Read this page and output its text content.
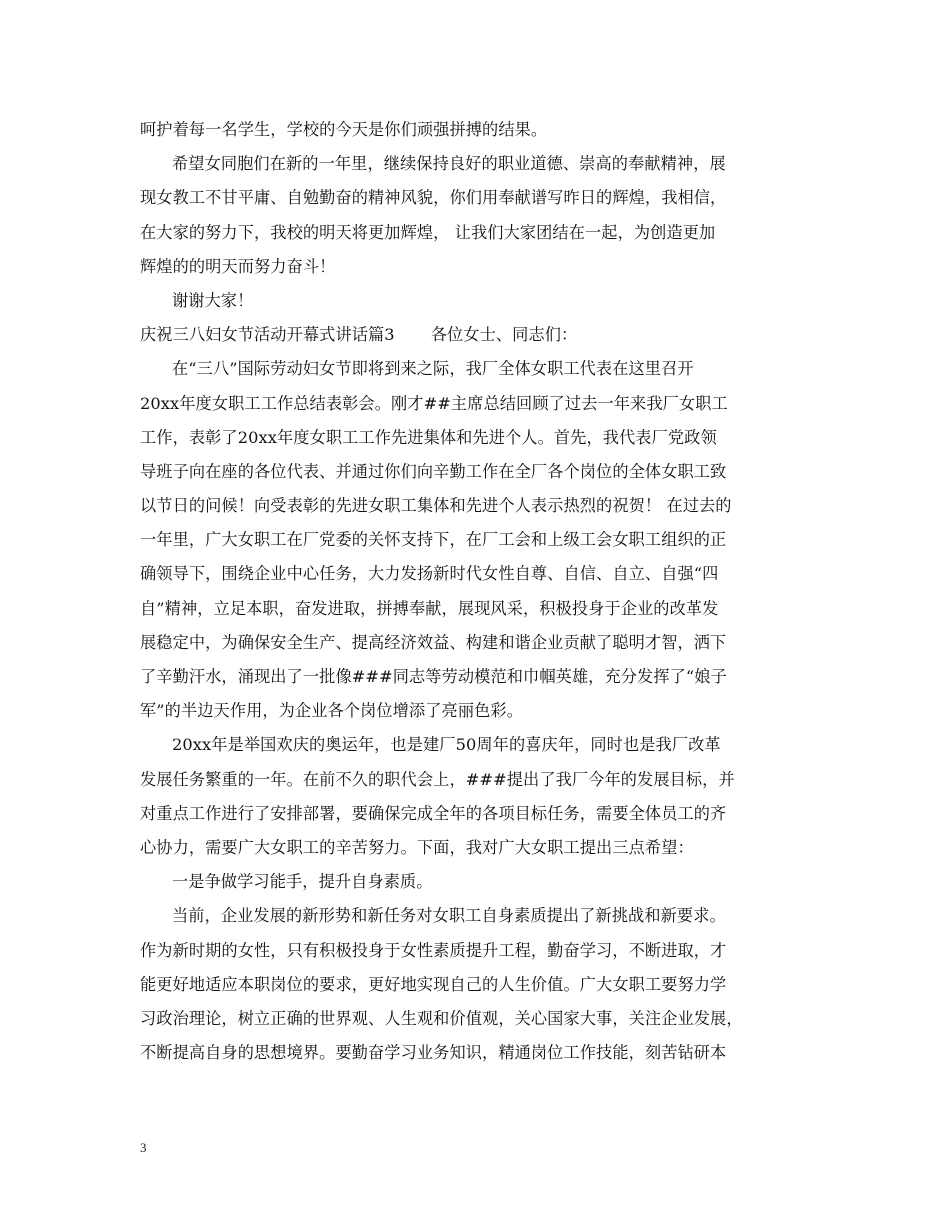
呵护着每一名学生，学校的今天是你们顽强拼搏的结果。
希望女同胞们在新的一年里，继续保持良好的职业道德、崇高的奉献精神，展
现女教工不甘平庸、自勉勤奋的精神风貌，你们用奉献谱写昨日的辉煌，我相信，
在大家的努力下，我校的明天将更加辉煌， 让我们大家团结在一起，为创造更加
辉煌的的明天而努力奋斗！
谢谢大家！
庆祝三八妇女节活动开幕式讲话篇3 各位女士、同志们：
在“三八”国际劳动妇女节即将到来之际，我厂全体女职工代表在这里召开
20xx年度女职工工作总结表彰会。刚才##主席总结回顾了过去一年来我厂女职工
工作，表彰了20xx年度女职工工作先进集体和先进个人。首先，我代表厂党政领
导班子向在座的各位代表、并通过你们向辛勤工作在全厂各个岗位的全体女职工致
以节日的问候！向受表彰的先进女职工集体和先进个人表示热烈的祝贺！ 在过去的
一年里，广大女职工在厂党委的关怀支持下，在厂工会和上级工会女职工组织的正
确领导下，围绕企业中心任务，大力发扬新时代女性自尊、自信、自立、自强“四
自”精神，立足本职，奋发进取，拼搏奉献，展现风采，积极投身于企业的改革发
展稳定中，为确保安全生产、提高经济效益、构建和谐企业贡献了聪明才智，洒下
了辛勤汗水，涌现出了一批像###同志等劳动模范和巾帼英雄，充分发挥了“娘子
军”的半边天作用，为企业各个岗位增添了亮丽色彩。
20xx年是举国欢庆的奥运年，也是建厂50周年的喜庆年，同时也是我厂改革
发展任务繁重的一年。在前不久的职代会上，###提出了我厂今年的发展目标，并
对重点工作进行了安排部署，要确保完成全年的各项目标任务，需要全体员工的齐
心协力，需要广大女职工的辛苦努力。下面，我对广大女职工提出三点希望：
一是争做学习能手，提升自身素质。
当前，企业发展的新形势和新任务对女职工自身素质提出了新挑战和新要求。
作为新时期的女性，只有积极投身于女性素质提升工程，勤奋学习，不断进取，才
能更好地适应本职岗位的要求，更好地实现自己的人生价值。广大女职工要努力学
习政治理论，树立正确的世界观、人生观和价值观，关心国家大事，关注企业发展，
不断提高自身的思想境界。要勤奋学习业务知识，精通岗位工作技能，刻苦钻研本
3
